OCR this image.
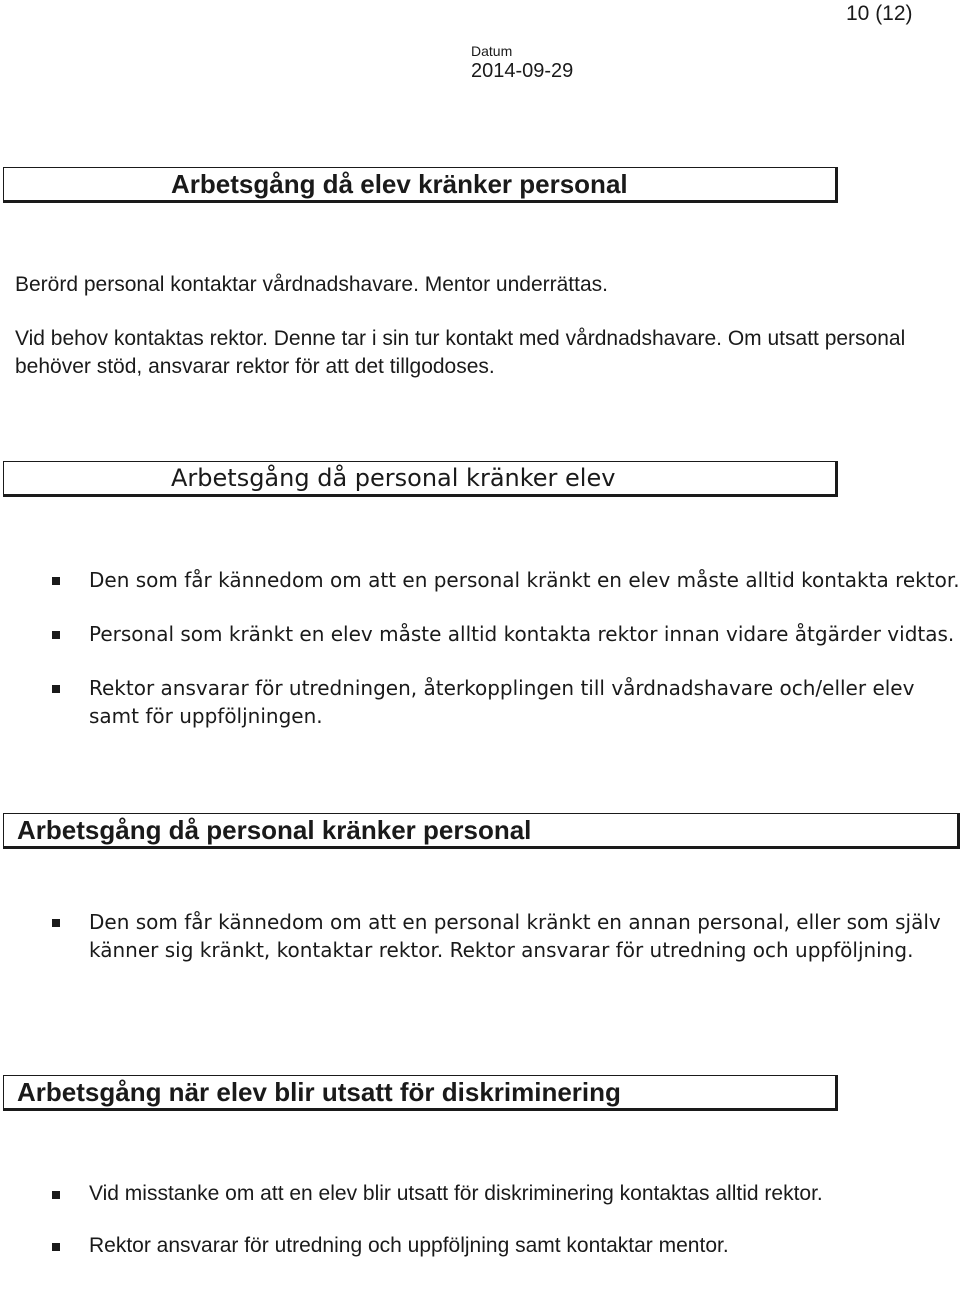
10 (12)
Datum
2014-09-29
Arbetsgång då elev kränker personal
Berörd personal kontaktar vårdnadshavare. Mentor underrättas.
Vid behov kontaktas rektor. Denne tar i sin tur kontakt med vårdnadshavare. Om utsatt personal behöver stöd, ansvarar rektor för att det tillgodoses.
Arbetsgång då personal kränker elev
Den som får kännedom om att en personal kränkt en elev måste alltid kontakta rektor.
Personal som kränkt en elev måste alltid kontakta rektor innan vidare åtgärder vidtas.
Rektor ansvarar för utredningen, återkopplingen till vårdnadshavare och/eller elev samt för uppföljningen.
Arbetsgång då personal kränker personal
Den som får kännedom om att en personal kränkt en annan personal, eller som själv känner sig kränkt, kontaktar rektor. Rektor ansvarar för utredning och uppföljning.
Arbetsgång när elev blir utsatt för diskriminering
Vid misstanke om att en elev blir utsatt för diskriminering kontaktas alltid rektor.
Rektor ansvarar för utredning och uppföljning samt kontaktar mentor.
